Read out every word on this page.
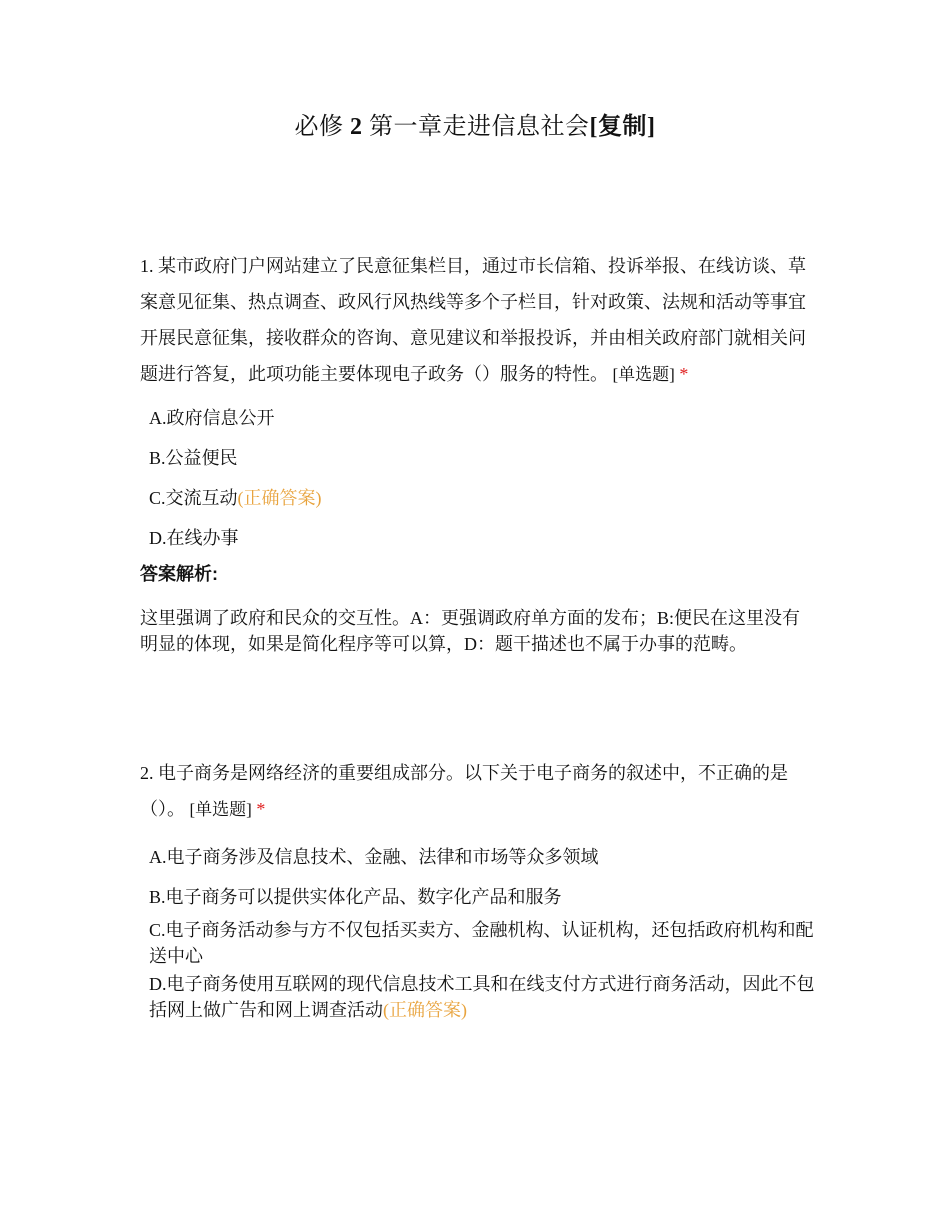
必修 2 第一章走进信息社会[复制]

1. 某市政府门户网站建立了民意征集栏目，通过市长信箱、投诉举报、在线访谈、草案意见征集、热点调查、政风行风热线等多个子栏目，针对政策、法规和活动等事宜开展民意征集，接收群众的咨询、意见建议和举报投诉，并由相关政府部门就相关问题进行答复，此项功能主要体现电子政务（）服务的特性。 [单选题] *

A.政府信息公开
B.公益便民
C.交流互动(正确答案)
D.在线办事
答案解析:
这里强调了政府和民众的交互性。A：更强调政府单方面的发布；B:便民在这里没有明显的体现，如果是简化程序等可以算，D：题干描述也不属于办事的范畴。

2. 电子商务是网络经济的重要组成部分。以下关于电子商务的叙述中，不正确的是（）。 [单选题] *

A.电子商务涉及信息技术、金融、法律和市场等众多领域
B.电子商务可以提供实体化产品、数字化产品和服务
C.电子商务活动参与方不仅包括买卖方、金融机构、认证机构，还包括政府机构和配送中心
D.电子商务使用互联网的现代信息技术工具和在线支付方式进行商务活动，因此不包括网上做广告和网上调查活动(正确答案)
